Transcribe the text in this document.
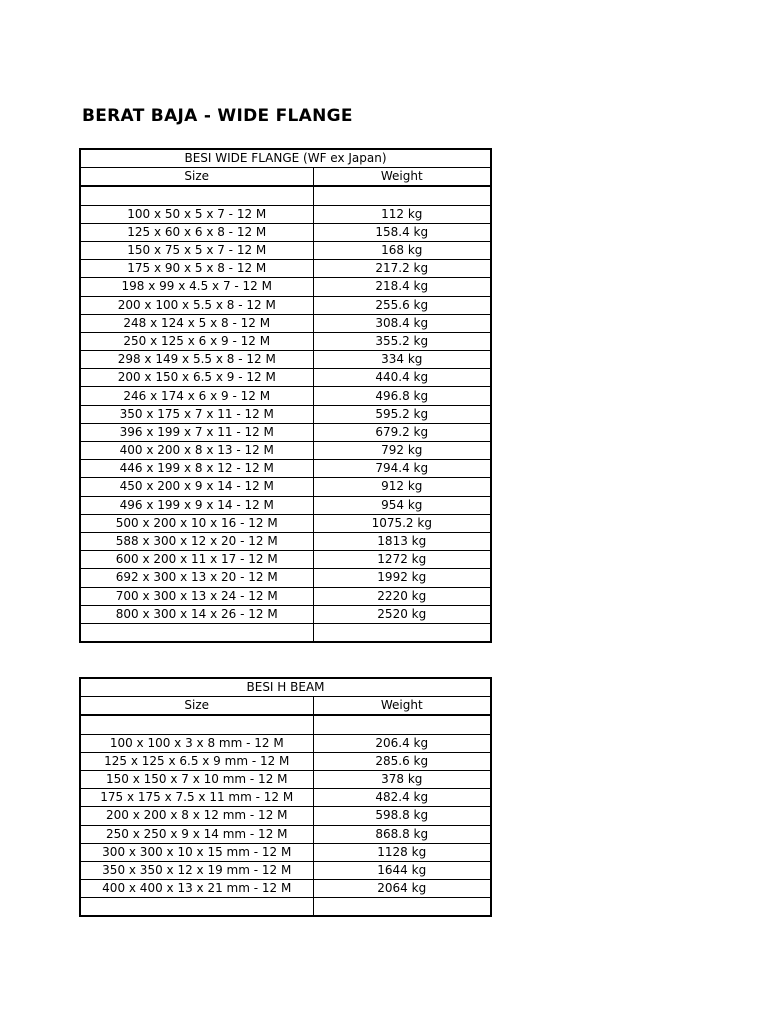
BERAT BAJA - WIDE FLANGE
BESI WIDE FLANGE (WF ex Japan)	
Size	Weight

100 x 50 x 5 x 7 - 12 M	112 kg
125 x 60 x 6 x 8 - 12 M	158.4 kg
150 x 75 x 5 x 7 - 12 M	168 kg
175 x 90 x 5 x 8 - 12 M	217.2 kg
198 x 99 x 4.5 x 7 - 12 M	218.4 kg
200 x 100 x 5.5 x 8 - 12 M	255.6 kg
248 x 124 x 5 x 8 - 12 M	308.4 kg
250 x 125 x 6 x 9 - 12 M	355.2 kg
298 x 149 x 5.5 x 8 - 12 M	334 kg
200 x 150 x 6.5 x 9 - 12 M	440.4 kg
246 x 174 x 6 x 9 - 12 M	496.8 kg
350 x 175 x 7 x 11 - 12 M	595.2 kg
396 x 199 x 7 x 11 - 12 M	679.2 kg
400 x 200 x 8 x 13 - 12 M	792 kg
446 x 199 x 8 x 12 - 12 M	794.4 kg
450 x 200 x 9 x 14 - 12 M	912 kg
496 x 199 x 9 x 14 - 12 M	954 kg
500 x 200 x 10 x 16 - 12 M	1075.2 kg
588 x 300 x 12 x 20 - 12 M	1813 kg
600 x 200 x 11 x 17 - 12 M	1272 kg
692 x 300 x 13 x 20 - 12 M	1992 kg
700 x 300 x 13 x 24 - 12 M	2220 kg
800 x 300 x 14 x 26 - 12 M	2520 kg

BESI H BEAM	
Size	Weight

100 x 100 x 3 x 8 mm - 12 M	206.4 kg
125 x 125 x 6.5 x 9 mm - 12 M	285.6 kg
150 x 150 x 7 x 10 mm - 12 M	378 kg
175 x 175 x 7.5 x 11 mm - 12 M	482.4 kg
200 x 200 x 8 x 12 mm - 12 M	598.8 kg
250 x 250 x 9 x 14 mm - 12 M	868.8 kg
300 x 300 x 10 x 15 mm - 12 M	1128 kg
350 x 350 x 12 x 19 mm - 12 M	1644 kg
400 x 400 x 13 x 21 mm - 12 M	2064 kg
